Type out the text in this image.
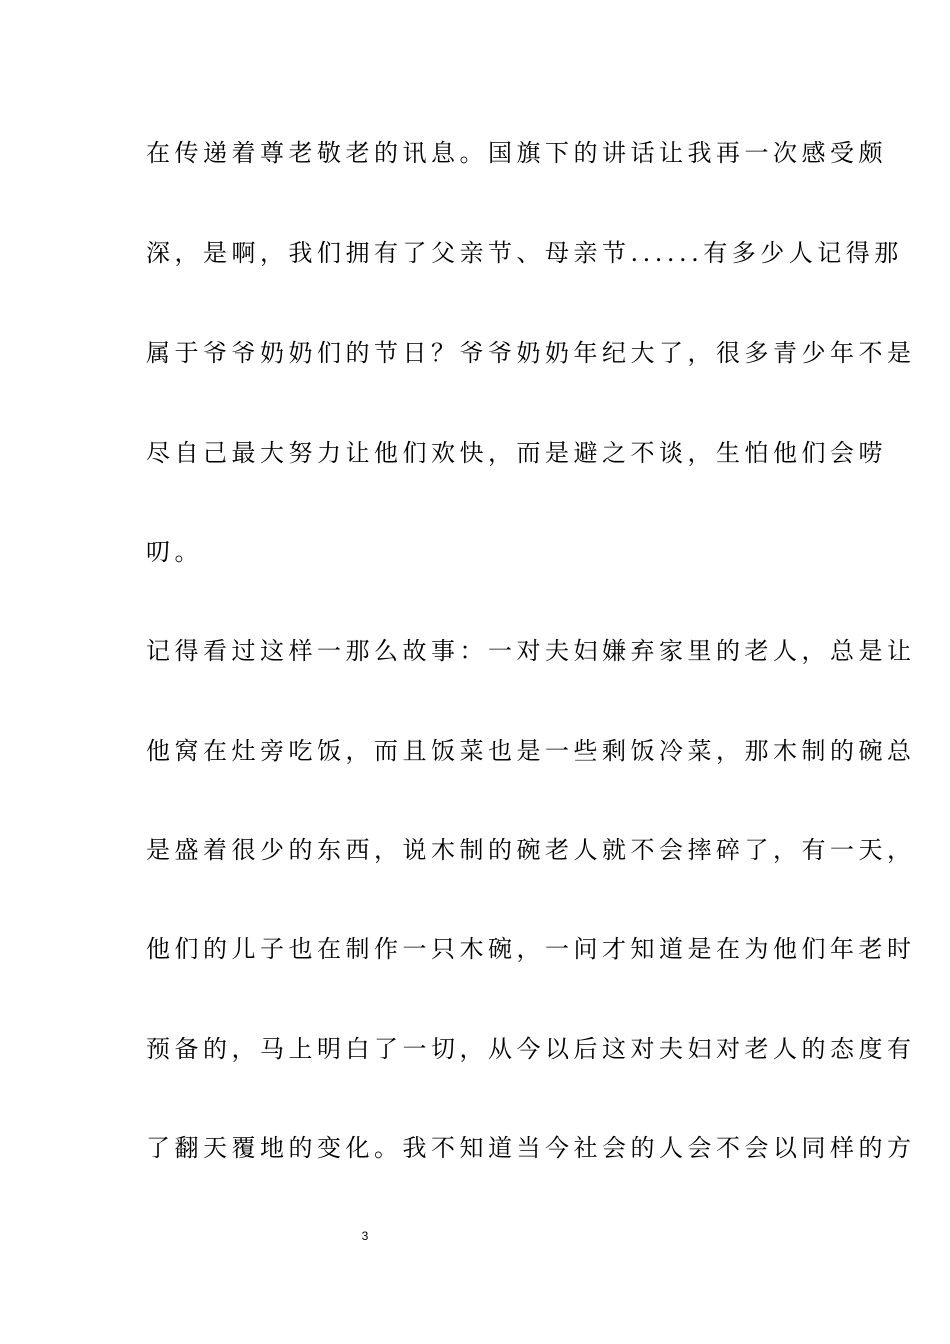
在传递着尊老敬老的讯息。国旗下的讲话让我再一次感受颇
深，是啊，我们拥有了父亲节、母亲节......有多少人记得那
属于爷爷奶奶们的节日？爷爷奶奶年纪大了，很多青少年不是
尽自己最大努力让他们欢快，而是避之不谈，生怕他们会唠
叨。
记得看过这样一那么故事：一对夫妇嫌弃家里的老人，总是让
他窝在灶旁吃饭，而且饭菜也是一些剩饭冷菜，那木制的碗总
是盛着很少的东西，说木制的碗老人就不会摔碎了，有一天，
他们的儿子也在制作一只木碗，一问才知道是在为他们年老时
预备的，马上明白了一切，从今以后这对夫妇对老人的态度有
了翻天覆地的变化。我不知道当今社会的人会不会以同样的方
3
